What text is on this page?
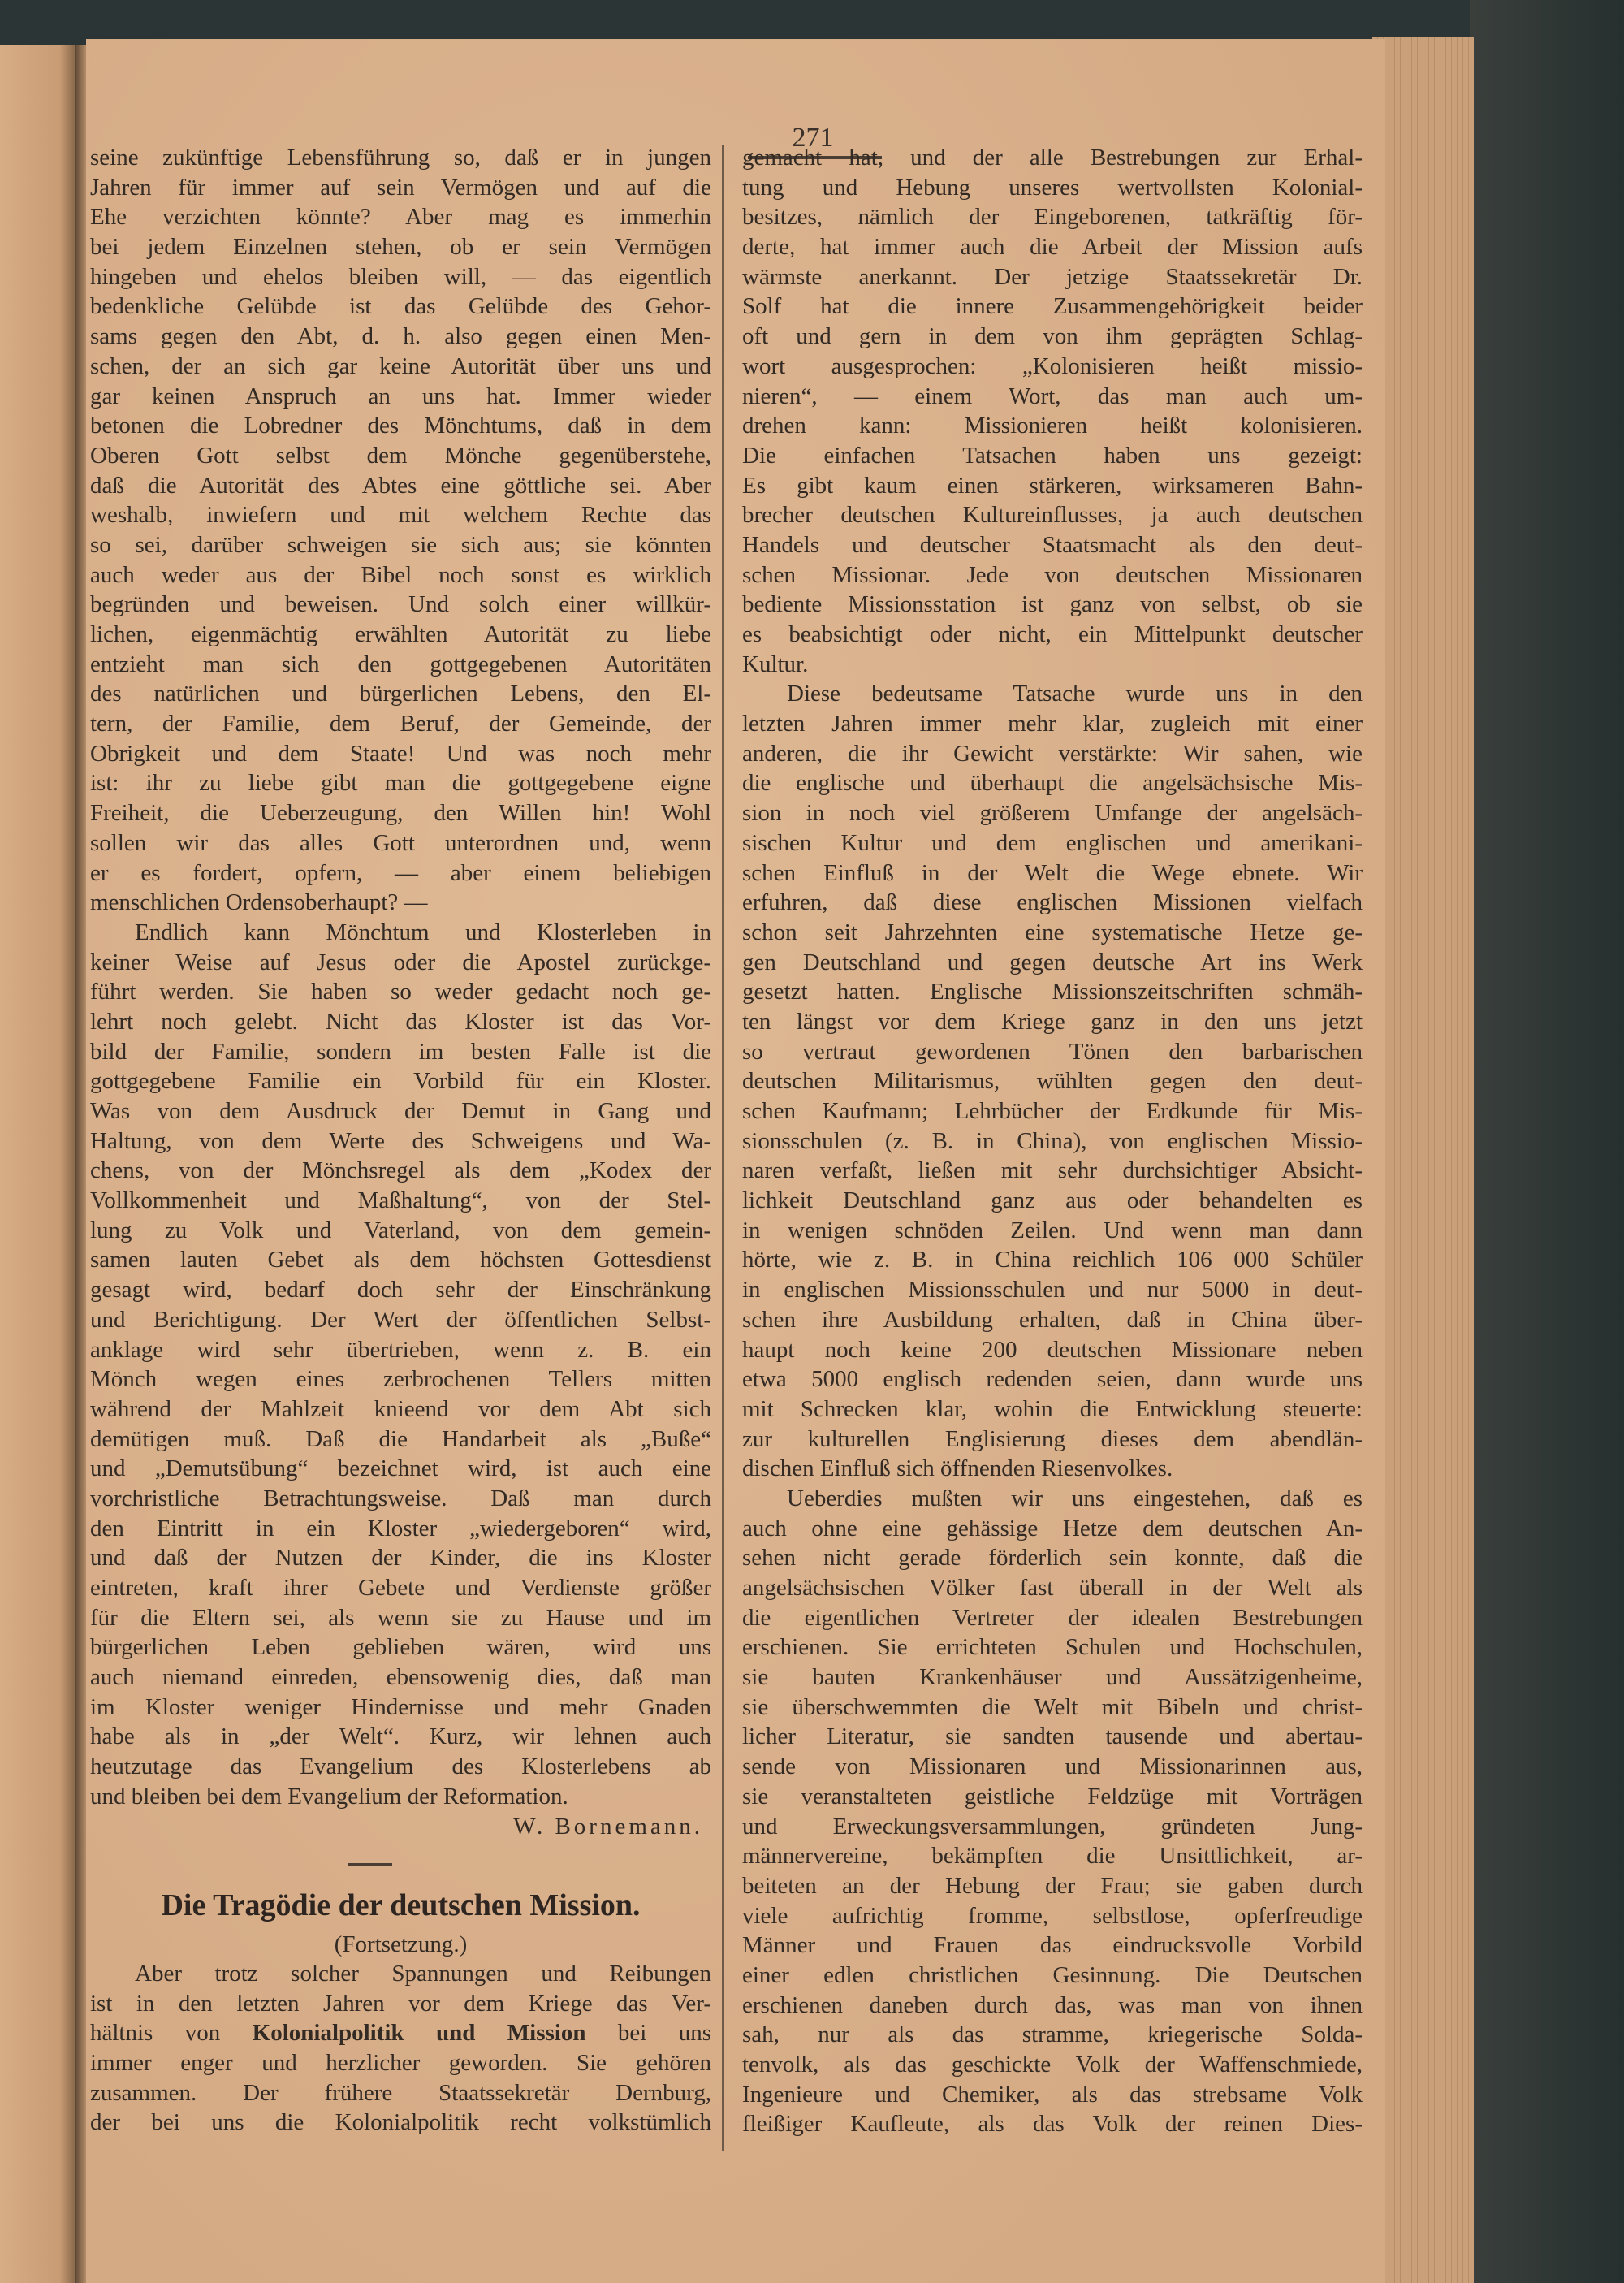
271
seine zukünftige Lebensführung so, daß er in jungen
Jahren für immer auf sein Vermögen und auf die
Ehe verzichten könnte? Aber mag es immerhin
bei jedem Einzelnen stehen, ob er sein Vermögen
hingeben und ehelos bleiben will, — das eigentlich
bedenkliche Gelübde ist das Gelübde des Gehor-
sams gegen den Abt, d. h. also gegen einen Men-
schen, der an sich gar keine Autorität über uns und
gar keinen Anspruch an uns hat. Immer wieder
betonen die Lobredner des Mönchtums, daß in dem
Oberen Gott selbst dem Mönche gegenüberstehe,
daß die Autorität des Abtes eine göttliche sei. Aber
weshalb, inwiefern und mit welchem Rechte das
so sei, darüber schweigen sie sich aus; sie könnten
auch weder aus der Bibel noch sonst es wirklich
begründen und beweisen. Und solch einer willkür-
lichen, eigenmächtig erwählten Autorität zu liebe
entzieht man sich den gottgegebenen Autoritäten
des natürlichen und bürgerlichen Lebens, den El-
tern, der Familie, dem Beruf, der Gemeinde, der
Obrigkeit und dem Staate! Und was noch mehr
ist: ihr zu liebe gibt man die gottgegebene eigne
Freiheit, die Ueberzeugung, den Willen hin! Wohl
sollen wir das alles Gott unterordnen und, wenn
er es fordert, opfern, — aber einem beliebigen
menschlichen Ordensoberhaupt? —
Endlich kann Mönchtum und Klosterleben in
keiner Weise auf Jesus oder die Apostel zurückge-
führt werden. Sie haben so weder gedacht noch ge-
lehrt noch gelebt. Nicht das Kloster ist das Vor-
bild der Familie, sondern im besten Falle ist die
gottgegebene Familie ein Vorbild für ein Kloster.
Was von dem Ausdruck der Demut in Gang und
Haltung, von dem Werte des Schweigens und Wa-
chens, von der Mönchsregel als dem „Kodex der
Vollkommenheit und Maßhaltung“, von der Stel-
lung zu Volk und Vaterland, von dem gemein-
samen lauten Gebet als dem höchsten Gottesdienst
gesagt wird, bedarf doch sehr der Einschränkung
und Berichtigung. Der Wert der öffentlichen Selbst-
anklage wird sehr übertrieben, wenn z. B. ein
Mönch wegen eines zerbrochenen Tellers mitten
während der Mahlzeit knieend vor dem Abt sich
demütigen muß. Daß die Handarbeit als „Buße“
und „Demutsübung“ bezeichnet wird, ist auch eine
vorchristliche Betrachtungsweise. Daß man durch
den Eintritt in ein Kloster „wiedergeboren“ wird,
und daß der Nutzen der Kinder, die ins Kloster
eintreten, kraft ihrer Gebete und Verdienste größer
für die Eltern sei, als wenn sie zu Hause und im
bürgerlichen Leben geblieben wären, wird uns
auch niemand einreden, ebensowenig dies, daß man
im Kloster weniger Hindernisse und mehr Gnaden
habe als in „der Welt“. Kurz, wir lehnen auch
heutzutage das Evangelium des Klosterlebens ab
und bleiben bei dem Evangelium der Reformation.
W. Bornemann.
Die Tragödie der deutschen Mission.
(Fortsetzung.)
Aber trotz solcher Spannungen und Reibungen
ist in den letzten Jahren vor dem Kriege das Ver-
hältnis von Kolonialpolitik und Mission bei uns
immer enger und herzlicher geworden. Sie gehören
zusammen. Der frühere Staatssekretär Dernburg,
der bei uns die Kolonialpolitik recht volkstümlich
gemacht hat, und der alle Bestrebungen zur Erhal-
tung und Hebung unseres wertvollsten Kolonial-
besitzes, nämlich der Eingeborenen, tatkräftig för-
derte, hat immer auch die Arbeit der Mission aufs
wärmste anerkannt. Der jetzige Staatssekretär Dr.
Solf hat die innere Zusammengehörigkeit beider
oft und gern in dem von ihm geprägten Schlag-
wort ausgesprochen: „Kolonisieren heißt missio-
nieren“, — einem Wort, das man auch um-
drehen kann: Missionieren heißt kolonisieren.
Die einfachen Tatsachen haben uns gezeigt:
Es gibt kaum einen stärkeren, wirksameren Bahn-
brecher deutschen Kultureinflusses, ja auch deutschen
Handels und deutscher Staatsmacht als den deut-
schen Missionar. Jede von deutschen Missionaren
bediente Missionsstation ist ganz von selbst, ob sie
es beabsichtigt oder nicht, ein Mittelpunkt deutscher
Kultur.
Diese bedeutsame Tatsache wurde uns in den
letzten Jahren immer mehr klar, zugleich mit einer
anderen, die ihr Gewicht verstärkte: Wir sahen, wie
die englische und überhaupt die angelsächsische Mis-
sion in noch viel größerem Umfange der angelsäch-
sischen Kultur und dem englischen und amerikani-
schen Einfluß in der Welt die Wege ebnete. Wir
erfuhren, daß diese englischen Missionen vielfach
schon seit Jahrzehnten eine systematische Hetze ge-
gen Deutschland und gegen deutsche Art ins Werk
gesetzt hatten. Englische Missionszeitschriften schmäh-
ten längst vor dem Kriege ganz in den uns jetzt
so vertraut gewordenen Tönen den barbarischen
deutschen Militarismus, wühlten gegen den deut-
schen Kaufmann; Lehrbücher der Erdkunde für Mis-
sionsschulen (z. B. in China), von englischen Missio-
naren verfaßt, ließen mit sehr durchsichtiger Absicht-
lichkeit Deutschland ganz aus oder behandelten es
in wenigen schnöden Zeilen. Und wenn man dann
hörte, wie z. B. in China reichlich 106 000 Schüler
in englischen Missionsschulen und nur 5000 in deut-
schen ihre Ausbildung erhalten, daß in China über-
haupt noch keine 200 deutschen Missionare neben
etwa 5000 englisch redenden seien, dann wurde uns
mit Schrecken klar, wohin die Entwicklung steuerte:
zur kulturellen Englisierung dieses dem abendlän-
dischen Einfluß sich öffnenden Riesenvolkes.
Ueberdies mußten wir uns eingestehen, daß es
auch ohne eine gehässige Hetze dem deutschen An-
sehen nicht gerade förderlich sein konnte, daß die
angelsächsischen Völker fast überall in der Welt als
die eigentlichen Vertreter der idealen Bestrebungen
erschienen. Sie errichteten Schulen und Hochschulen,
sie bauten Krankenhäuser und Aussätzigenheime,
sie überschwemmten die Welt mit Bibeln und christ-
licher Literatur, sie sandten tausende und abertau-
sende von Missionaren und Missionarinnen aus,
sie veranstalteten geistliche Feldzüge mit Vorträgen
und Erweckungsversammlungen, gründeten Jung-
männervereine, bekämpften die Unsittlichkeit, ar-
beiteten an der Hebung der Frau; sie gaben durch
viele aufrichtig fromme, selbstlose, opferfreudige
Männer und Frauen das eindrucksvolle Vorbild
einer edlen christlichen Gesinnung. Die Deutschen
erschienen daneben durch das, was man von ihnen
sah, nur als das stramme, kriegerische Solda-
tenvolk, als das geschickte Volk der Waffenschmiede,
Ingenieure und Chemiker, als das strebsame Volk
fleißiger Kaufleute, als das Volk der reinen Dies-
